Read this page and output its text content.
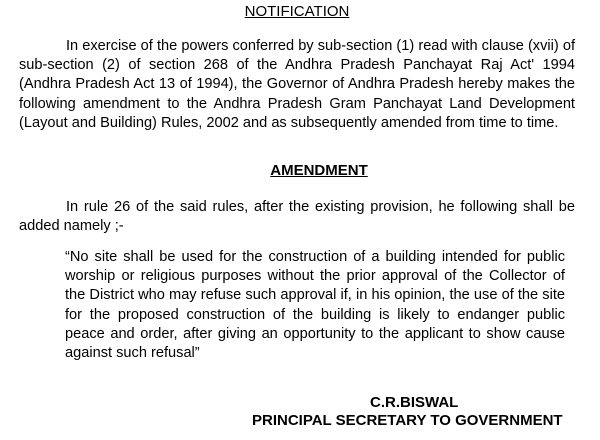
NOTIFICATION

In exercise of the powers conferred by sub-section (1) read with clause (xvii) of sub-section (2) of section 268 of the Andhra Pradesh Panchayat Raj Act' 1994 (Andhra Pradesh Act 13 of 1994), the Governor of Andhra Pradesh hereby makes the following amendment to the Andhra Pradesh Gram Panchayat Land Development (Layout and Building) Rules, 2002 and as subsequently amended from time to time.

AMENDMENT

In rule 26 of the said rules, after the existing provision, he following shall be added namely ;-

“No site shall be used for the construction of a building intended for public worship or religious purposes without the prior approval of the Collector of the District who may refuse such approval if, in his opinion, the use of the site for the proposed construction of the building is likely to endanger public peace and order, after giving an opportunity to the applicant to show cause against such refusal”

C.R.BISWAL

PRINCIPAL SECRETARY TO GOVERNMENT
